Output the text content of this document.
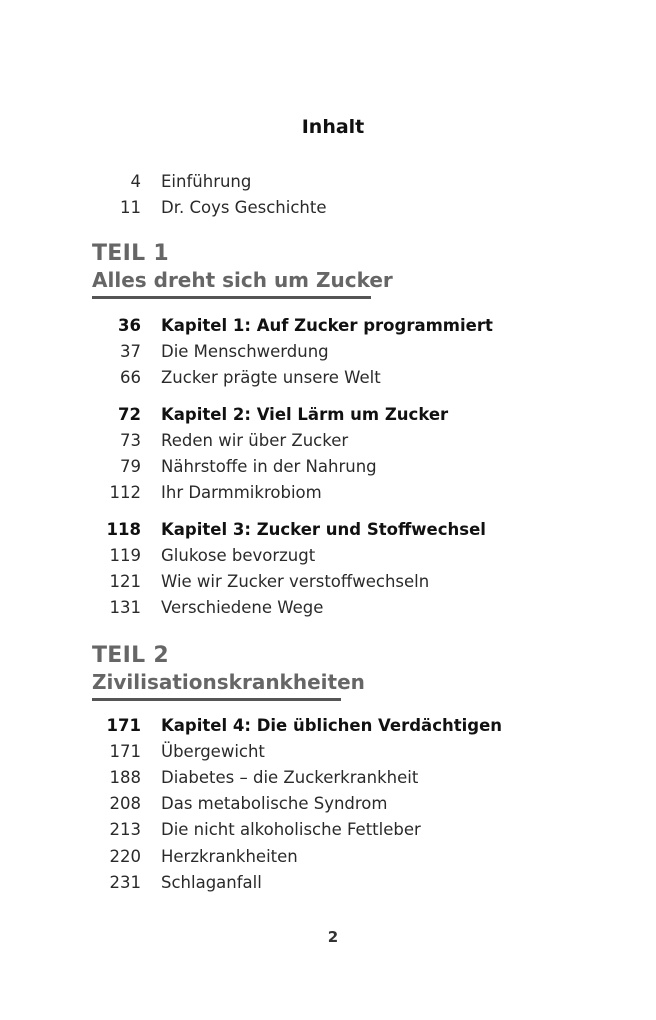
Inhalt
4 Einführung
11 Dr. Coys Geschichte
TEIL 1
Alles dreht sich um Zucker
36 Kapitel 1: Auf Zucker programmiert
37 Die Menschwerdung
66 Zucker prägte unsere Welt
72 Kapitel 2: Viel Lärm um Zucker
73 Reden wir über Zucker
79 Nährstoffe in der Nahrung
112 Ihr Darmmikrobiom
118 Kapitel 3: Zucker und Stoffwechsel
119 Glukose bevorzugt
121 Wie wir Zucker verstoffwechseln
131 Verschiedene Wege
TEIL 2
Zivilisationskrankheiten
171 Kapitel 4: Die üblichen Verdächtigen
171 Übergewicht
188 Diabetes – die Zuckerkrankheit
208 Das metabolische Syndrom
213 Die nicht alkoholische Fettleber
220 Herzkrankheiten
231 Schlaganfall
2
